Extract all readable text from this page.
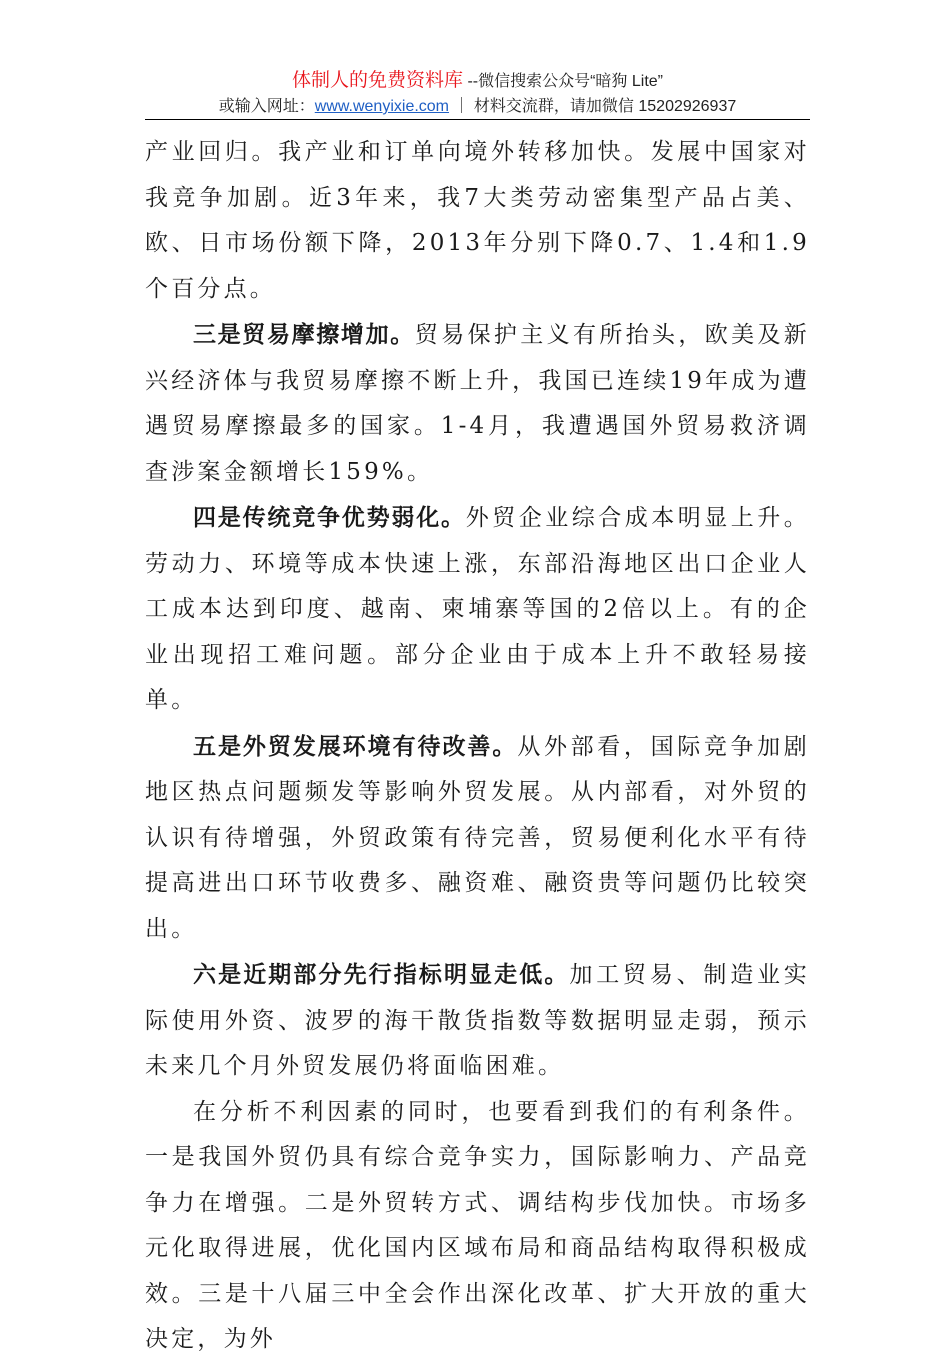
体制人的免费资料库 --微信搜索公众号“暗狗 Lite”
或输入网址：www.wenyixie.com ｜ 材料交流群，请加微信 15202926937

产业回归。我产业和订单向境外转移加快。发展中国家对我竞争加剧。近3年来，我7大类劳动密集型产品占美、欧、日市场份额下降，2013年分别下降0.7、1.4和1.9个百分点。

三是贸易摩擦增加。贸易保护主义有所抬头，欧美及新兴经济体与我贸易摩擦不断上升，我国已连续19年成为遭遇贸易摩擦最多的国家。1-4月，我遭遇国外贸易救济调查涉案金额增长159%。

四是传统竞争优势弱化。外贸企业综合成本明显上升。劳动力、环境等成本快速上涨，东部沿海地区出口企业人工成本达到印度、越南、柬埔寨等国的2倍以上。有的企业出现招工难问题。部分企业由于成本上升不敢轻易接单。

五是外贸发展环境有待改善。从外部看，国际竞争加剧地区热点问题频发等影响外贸发展。从内部看，对外贸的认识有待增强，外贸政策有待完善，贸易便利化水平有待提高进出口环节收费多、融资难、融资贵等问题仍比较突出。

六是近期部分先行指标明显走低。加工贸易、制造业实际使用外资、波罗的海干散货指数等数据明显走弱，预示未来几个月外贸发展仍将面临困难。

在分析不利因素的同时，也要看到我们的有利条件。一是我国外贸仍具有综合竞争实力，国际影响力、产品竞争力在增强。二是外贸转方式、调结构步伐加快。市场多元化取得进展，优化国内区域布局和商品结构取得积极成效。三是十八届三中全会作出深化改革、扩大开放的重大决定，为外
